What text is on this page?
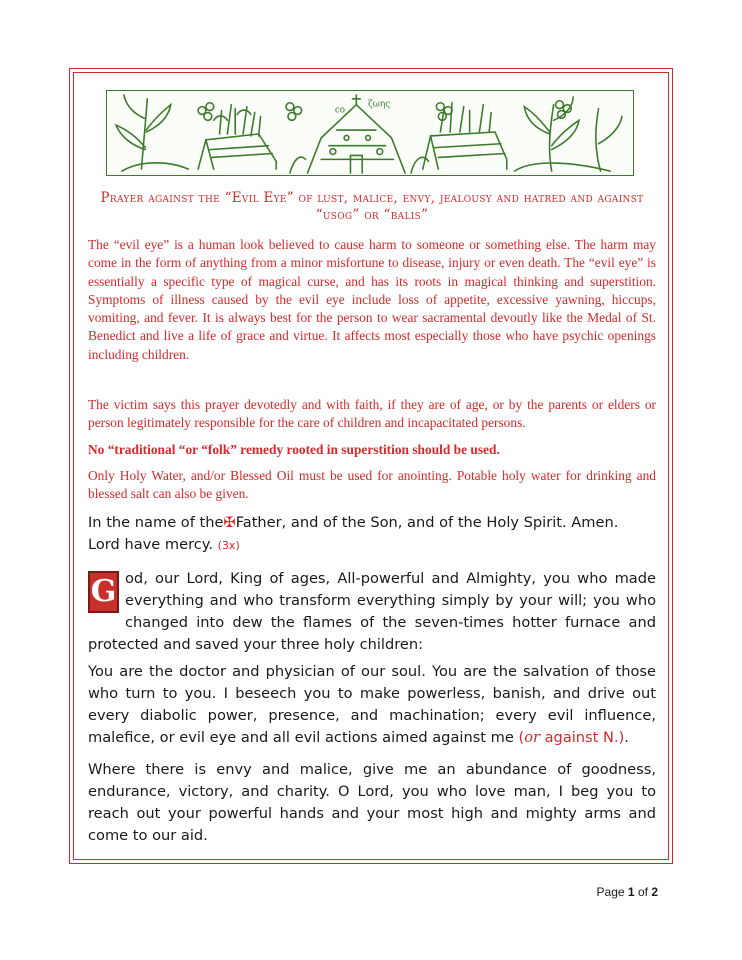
co
ζωης
Prayer against the “Evil Eye” of lust, malice, envy, jealousy and hatred and against “usog” or “balis”

The “evil eye” is a human look believed to cause harm to someone or something else. The harm may come in the form of anything from a minor misfortune to disease, injury or even death. The “evil eye” is essentially a specific type of magical curse, and has its roots in magical thinking and superstition. Symptoms of illness caused by the evil eye include loss of appetite, excessive yawning, hiccups, vomiting, and fever. It is always best for the person to wear sacramental devoutly like the Medal of St. Benedict and live a life of grace and virtue. It affects most especially those who have psychic openings including children.

The victim says this prayer devotedly and with faith, if they are of age, or by the parents or elders or person legitimately responsible for the care of children and incapacitated persons.

No “traditional “or “folk” remedy rooted in superstition should be used.

Only Holy Water, and/or Blessed Oil must be used for anointing. Potable holy water for drinking and blessed salt can also be given.

In the name of the✠Father, and of the Son, and of the Holy Spirit. Amen.
Lord have mercy. (3x)

G od, our Lord, King of ages, All-powerful and Almighty, you who made everything and who transform everything simply by your will; you who changed into dew the flames of the seven-times hotter furnace and protected and saved your three holy children:

You are the doctor and physician of our soul. You are the salvation of those who turn to you. I beseech you to make powerless, banish, and drive out every diabolic power, presence, and machination; every evil influence, malefice, or evil eye and all evil actions aimed against me (or against N.).

Where there is envy and malice, give me an abundance of goodness, endurance, victory, and charity. O Lord, you who love man, I beg you to reach out your powerful hands and your most high and mighty arms and come to our aid.

Page 1 of 2
